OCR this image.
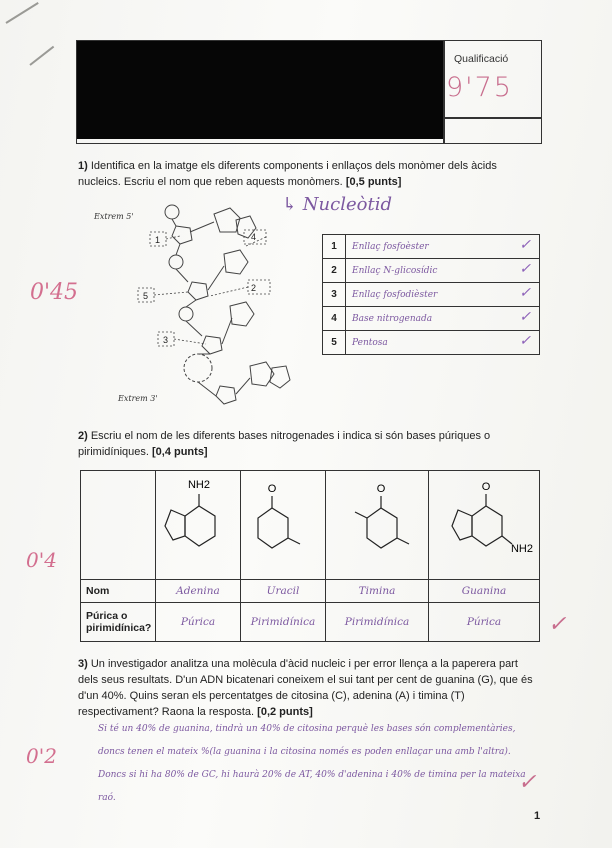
Qualificació
9'75
1) Identifica en la imatge els diferents components i enllaços dels monòmer dels àcids nucleics. Escriu el nom que reben aquests monòmers. [0,5 punts]
↳ Nucleòtid
1
2
3
4
5
Extrem 5'
Extrem 3'
1	Enllaç fosfoèster ✓

2	Enllaç N-glicosídic ✓

3	Enllaç fosfodièster ✓

4	Base nitrogenada ✓

5	Pentosa ✓
0'45
2) Escriu el nom de les diferents bases nitrogenades i indica si són bases púriques o pirimidíniques. [0,4 punts]

NH2	O	O	O
NH2

Nom	Adenina	Uracil	Timina	Guanina
Púrica o pirimidínica?	Púrica	Pirimidínica	Pirimidínica	Púrica
0'4
✓
3) Un investigador analitza una molècula d'àcid nucleic i per error llença a la paperera part dels seus resultats. D'un ADN bicatenari coneixem el sui tant per cent de guanina (G), que és d'un 40%. Quins seran els percentatges de citosina (C), adenina (A) i timina (T) respectivament? Raona la resposta. [0,2 punts]
Si té un 40% de guanina, tindrà un 40% de citosina perquè les bases són complementàries, doncs tenen el mateix %(la guanina i la citosina només es poden enllaçar una amb l'altra). Doncs si hi ha 80% de GC, hi haurà 20% de AT, 40% d'adenina i 40% de timina per la mateixa raó.
0'2
✓
1
